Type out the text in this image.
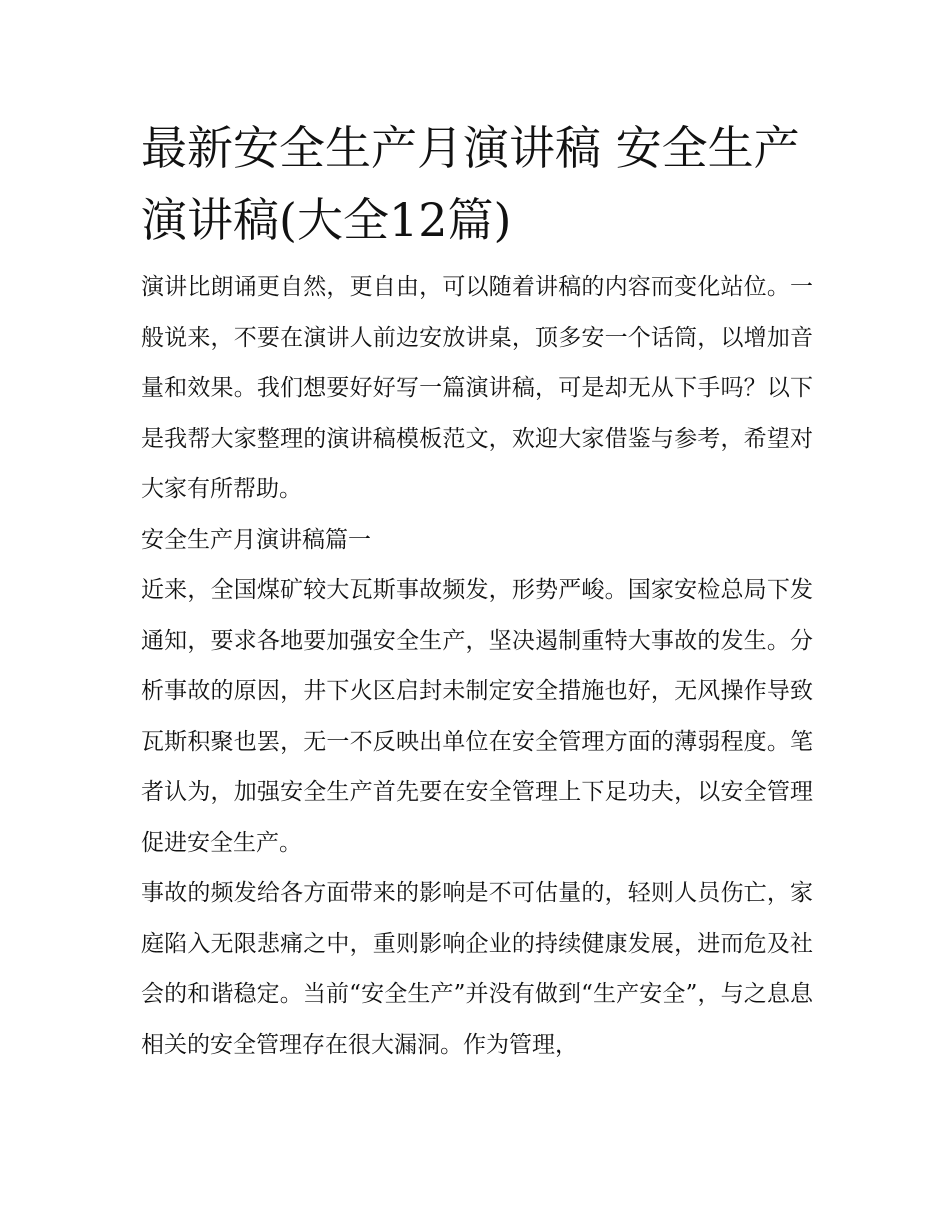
最新安全生产月演讲稿 安全生产演讲稿(大全12篇)

演讲比朗诵更自然，更自由，可以随着讲稿的内容而变化站位。一般说来，不要在演讲人前边安放讲桌，顶多安一个话筒，以增加音量和效果。我们想要好好写一篇演讲稿，可是却无从下手吗？以下是我帮大家整理的演讲稿模板范文，欢迎大家借鉴与参考，希望对大家有所帮助。

安全生产月演讲稿篇一

近来，全国煤矿较大瓦斯事故频发，形势严峻。国家安检总局下发通知，要求各地要加强安全生产，坚决遏制重特大事故的发生。分析事故的原因，井下火区启封未制定安全措施也好，无风操作导致瓦斯积聚也罢，无一不反映出单位在安全管理方面的薄弱程度。笔者认为，加强安全生产首先要在安全管理上下足功夫，以安全管理促进安全生产。

事故的频发给各方面带来的影响是不可估量的，轻则人员伤亡，家庭陷入无限悲痛之中，重则影响企业的持续健康发展，进而危及社会的和谐稳定。当前“安全生产”并没有做到“生产安全”，与之息息相关的安全管理存在很大漏洞。作为管理，
